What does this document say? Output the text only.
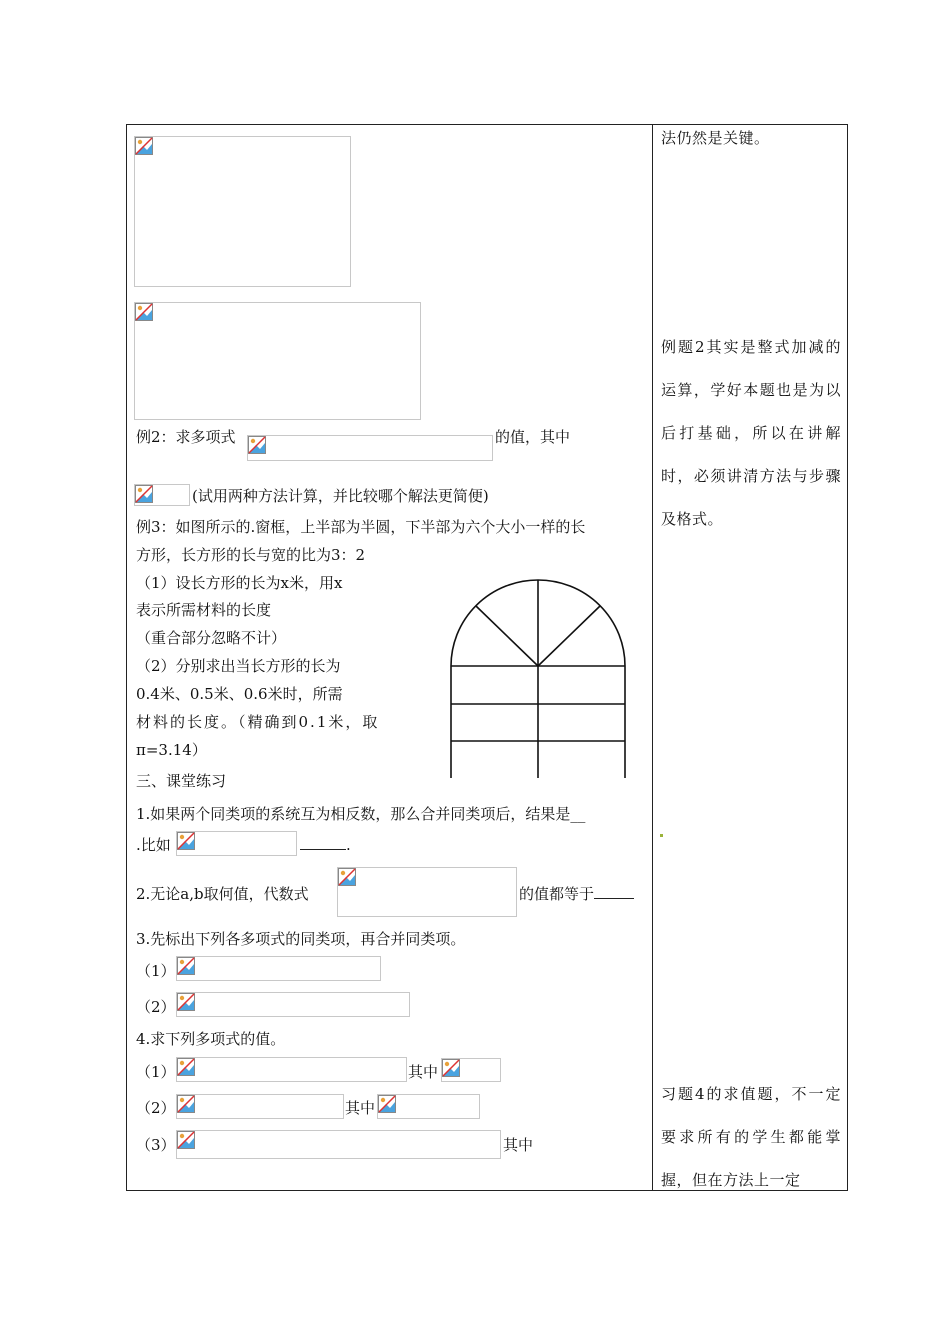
例2：求多项式	的值，其中
(试用两种方法计算，并比较哪个解法更简便)
例3：如图所示的.窗框，上半部为半圆，下半部为六个大小一样的长
方形，长方形的长与宽的比为3：2
（1）设长方形的长为x米，用x
表示所需材料的长度
（重合部分忽略不计）
（2）分别求出当长方形的长为
0.4米、0.5米、0.6米时，所需
材料的长度。（精确到0.1米，取
π=3.14）
三、课堂练习
1.如果两个同类项的系统互为相反数，那么合并同类项后，结果是__
.比如	.
2.无论a,b取何值，代数式	的值都等于
3.先标出下列各多项式的同类项，再合并同类项。
（1）
（2）
4.求下列多项式的值。
（1）	其中
（2）	其中
（3）	其中
法仍然是关键。
例题2其实是整式加减的运算，学好本题也是为以后打基础，所以在讲解时，必须讲清方法与步骤及格式。
习题4的求值题，不一定要求所有的学生都能掌握，但在方法上一定
